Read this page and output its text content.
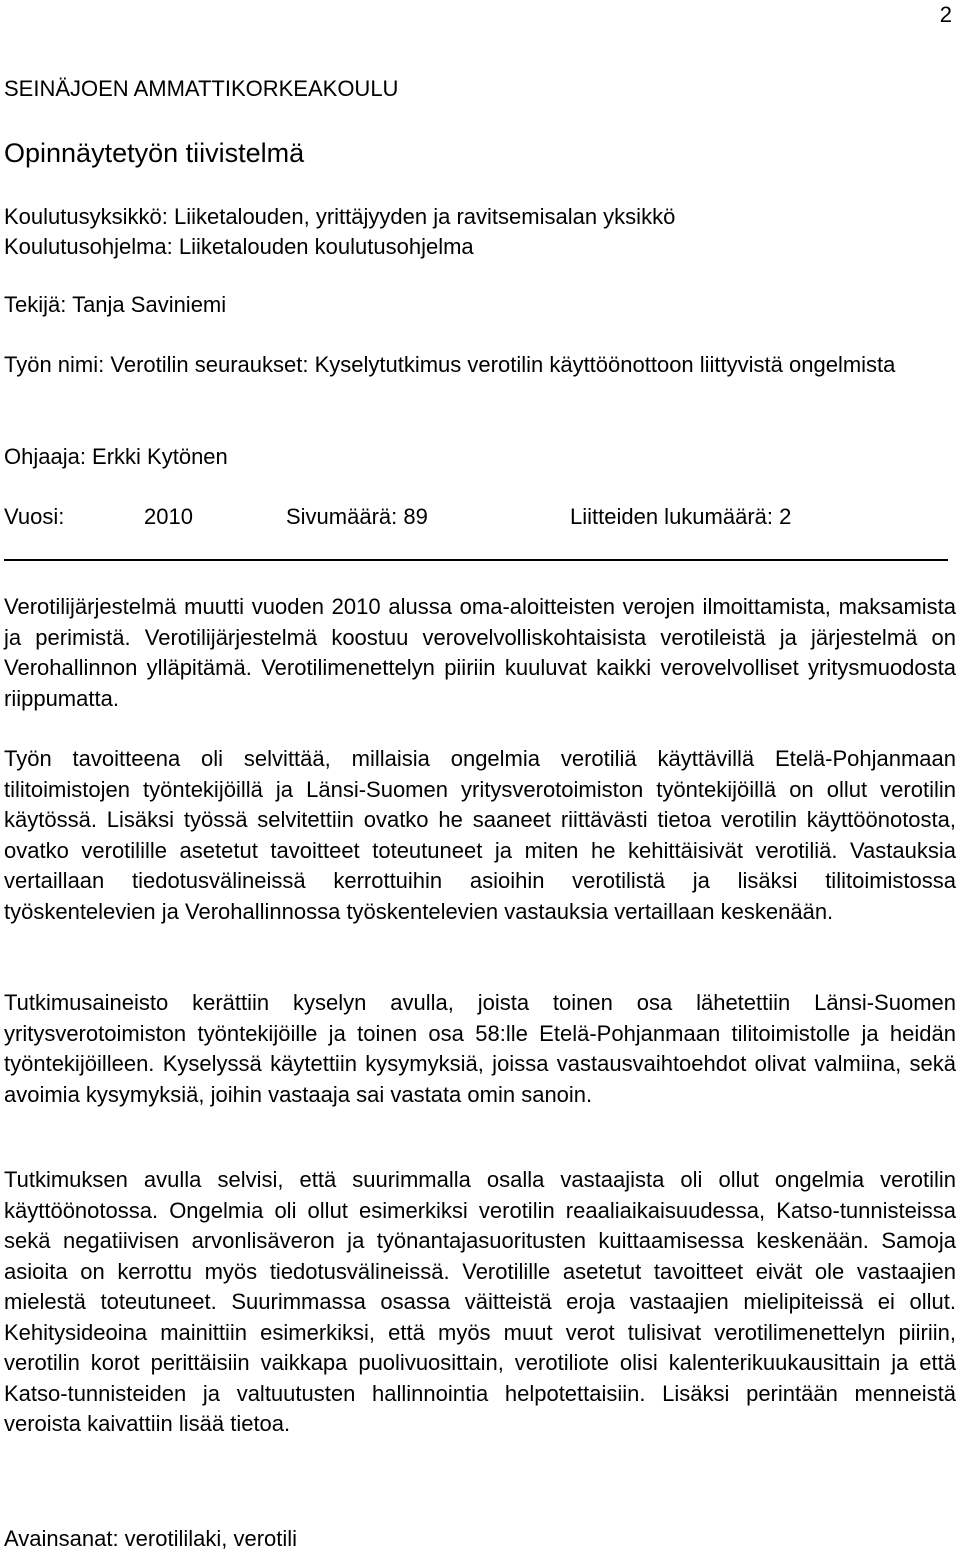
2
SEINÄJOEN AMMATTIKORKEAKOULU
Opinnäytetyön tiivistelmä
Koulutusyksikkö: Liiketalouden, yrittäjyyden ja ravitsemisalan yksikkö
Koulutusohjelma: Liiketalouden koulutusohjelma
Tekijä: Tanja Saviniemi
Työn nimi: Verotilin seuraukset: Kyselytutkimus verotilin käyttöönottoon liittyvistä ongelmista
Ohjaaja: Erkki Kytönen
Vuosi:	2010	Sivumäärä: 89	Liitteiden lukumäärä: 2

Verotilijärjestelmä muutti vuoden 2010 alussa oma-aloitteisten verojen ilmoittamista, maksamista ja perimistä. Verotilijärjestelmä koostuu verovelvolliskohtaisista verotileistä ja järjestelmä on Verohallinnon ylläpitämä. Verotilimenettelyn piiriin kuuluvat kaikki verovelvolliset yritysmuodosta riippumatta.

Työn tavoitteena oli selvittää, millaisia ongelmia verotiliä käyttävillä Etelä-Pohjanmaan tilitoimistojen työntekijöillä ja Länsi-Suomen yritysverotoimiston työntekijöillä on ollut verotilin käytössä. Lisäksi työssä selvitettiin ovatko he saaneet riittävästi tietoa verotilin käyttöönotosta, ovatko verotilille asetetut tavoitteet toteutuneet ja miten he kehittäisivät verotiliä. Vastauksia vertaillaan tiedotusvälineissä kerrottuihin asioihin verotilistä ja lisäksi tilitoimistossa työskentelevien ja Verohallinnossa työskentelevien vastauksia vertaillaan keskenään.

Tutkimusaineisto kerättiin kyselyn avulla, joista toinen osa lähetettiin Länsi-Suomen yritysverotoimiston työntekijöille ja toinen osa 58:lle Etelä-Pohjanmaan tilitoimistolle ja heidän työntekijöilleen. Kyselyssä käytettiin kysymyksiä, joissa vastausvaihtoehdot olivat valmiina, sekä avoimia kysymyksiä, joihin vastaaja sai vastata omin sanoin.

Tutkimuksen avulla selvisi, että suurimmalla osalla vastaajista oli ollut ongelmia verotilin käyttöönotossa. Ongelmia oli ollut esimerkiksi verotilin reaaliaikaisuudessa, Katso-tunnisteissa sekä negatiivisen arvonlisäveron ja työnantajasuoritusten kuittaamisessa keskenään. Samoja asioita on kerrottu myös tiedotusvälineissä. Verotilille asetetut tavoitteet eivät ole vastaajien mielestä toteutuneet. Suurimmassa osassa väitteistä eroja vastaajien mielipiteissä ei ollut. Kehitysideoina mainittiin esimerkiksi, että myös muut verot tulisivat verotilimenettelyn piiriin, verotilin korot perittäisiin vaikkapa puolivuosittain, verotiliote olisi kalenterikuukausittain ja että Katso-tunnisteiden ja valtuutusten hallinnointia helpotettaisiin. Lisäksi perintään menneistä veroista kaivattiin lisää tietoa.

Avainsanat: verotililaki, verotili
